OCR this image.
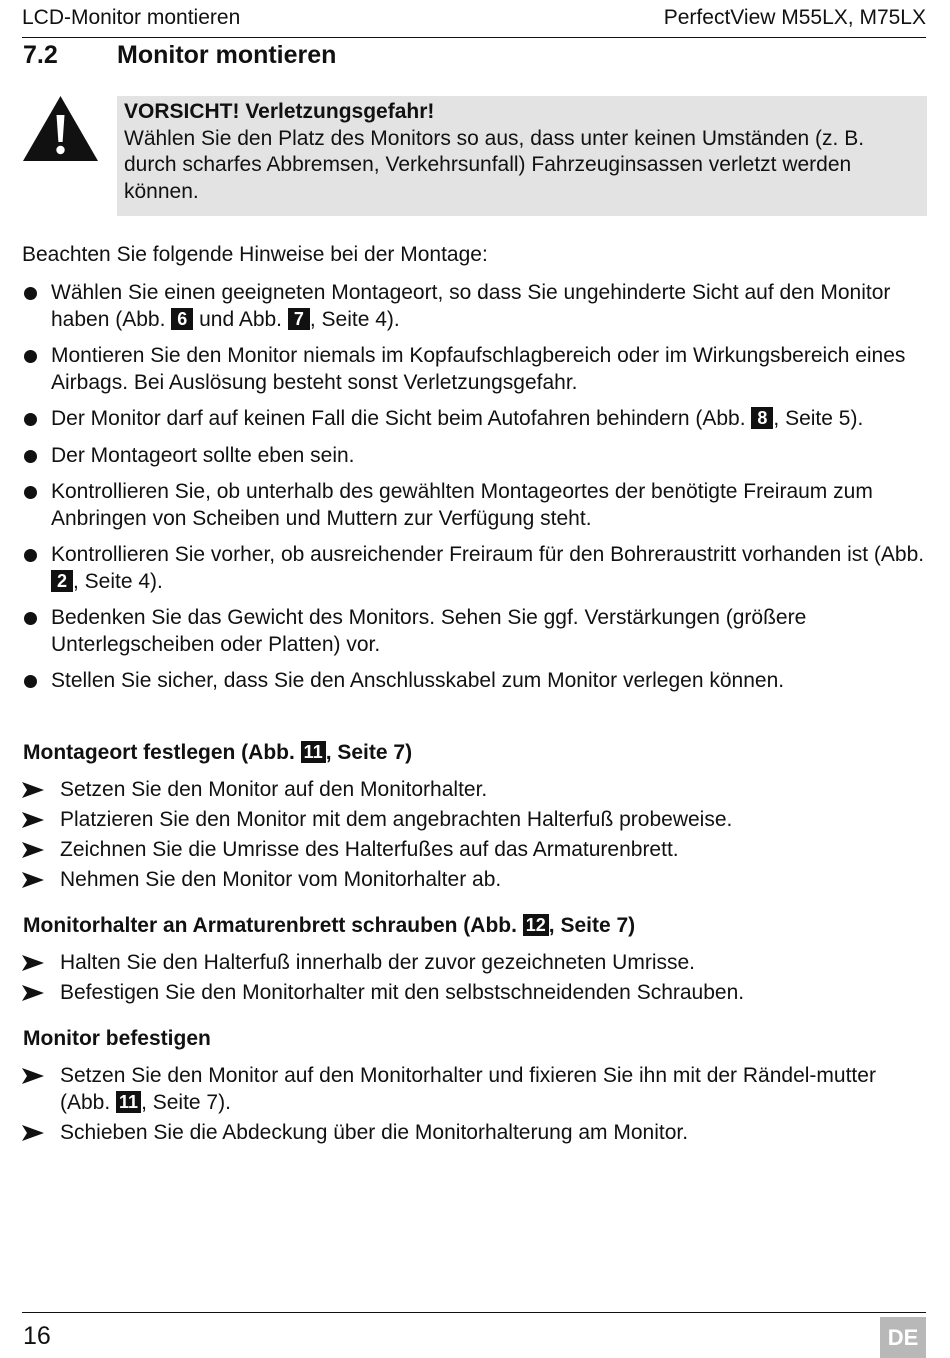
LCD-Monitor montieren	PerfectView M55LX, M75LX
7.2 Monitor montieren
VORSICHT! Verletzungsgefahr!
Wählen Sie den Platz des Monitors so aus, dass unter keinen Umständen (z. B. durch scharfes Abbremsen, Verkehrsunfall) Fahrzeuginsassen verletzt werden können.
Beachten Sie folgende Hinweise bei der Montage:
Wählen Sie einen geeigneten Montageort, so dass Sie ungehinderte Sicht auf den Monitor haben (Abb. 6 und Abb. 7 , Seite 4).
Montieren Sie den Monitor niemals im Kopfaufschlagbereich oder im Wirkungsbereich eines Airbags. Bei Auslösung besteht sonst Verletzungsgefahr.
Der Monitor darf auf keinen Fall die Sicht beim Autofahren behindern (Abb. 8 , Seite 5).
Der Montageort sollte eben sein.
Kontrollieren Sie, ob unterhalb des gewählten Montageortes der benötigte Freiraum zum Anbringen von Scheiben und Muttern zur Verfügung steht.
Kontrollieren Sie vorher, ob ausreichender Freiraum für den Bohreraustritt vorhanden ist (Abb. 2 , Seite 4).
Bedenken Sie das Gewicht des Monitors. Sehen Sie ggf. Verstärkungen (größere Unterlegscheiben oder Platten) vor.
Stellen Sie sicher, dass Sie den Anschlusskabel zum Monitor verlegen können.
Montageort festlegen (Abb. 11 , Seite 7)
Setzen Sie den Monitor auf den Monitorhalter.
Platzieren Sie den Monitor mit dem angebrachten Halterfuß probeweise.
Zeichnen Sie die Umrisse des Halterfußes auf das Armaturenbrett.
Nehmen Sie den Monitor vom Monitorhalter ab.
Monitorhalter an Armaturenbrett schrauben (Abb. 12 , Seite 7)
Halten Sie den Halterfuß innerhalb der zuvor gezeichneten Umrisse.
Befestigen Sie den Monitorhalter mit den selbstschneidenden Schrauben.
Monitor befestigen
Setzen Sie den Monitor auf den Monitorhalter und fixieren Sie ihn mit der Rändel-mutter (Abb. 11 , Seite 7).
Schieben Sie die Abdeckung über die Monitorhalterung am Monitor.
16	DE
